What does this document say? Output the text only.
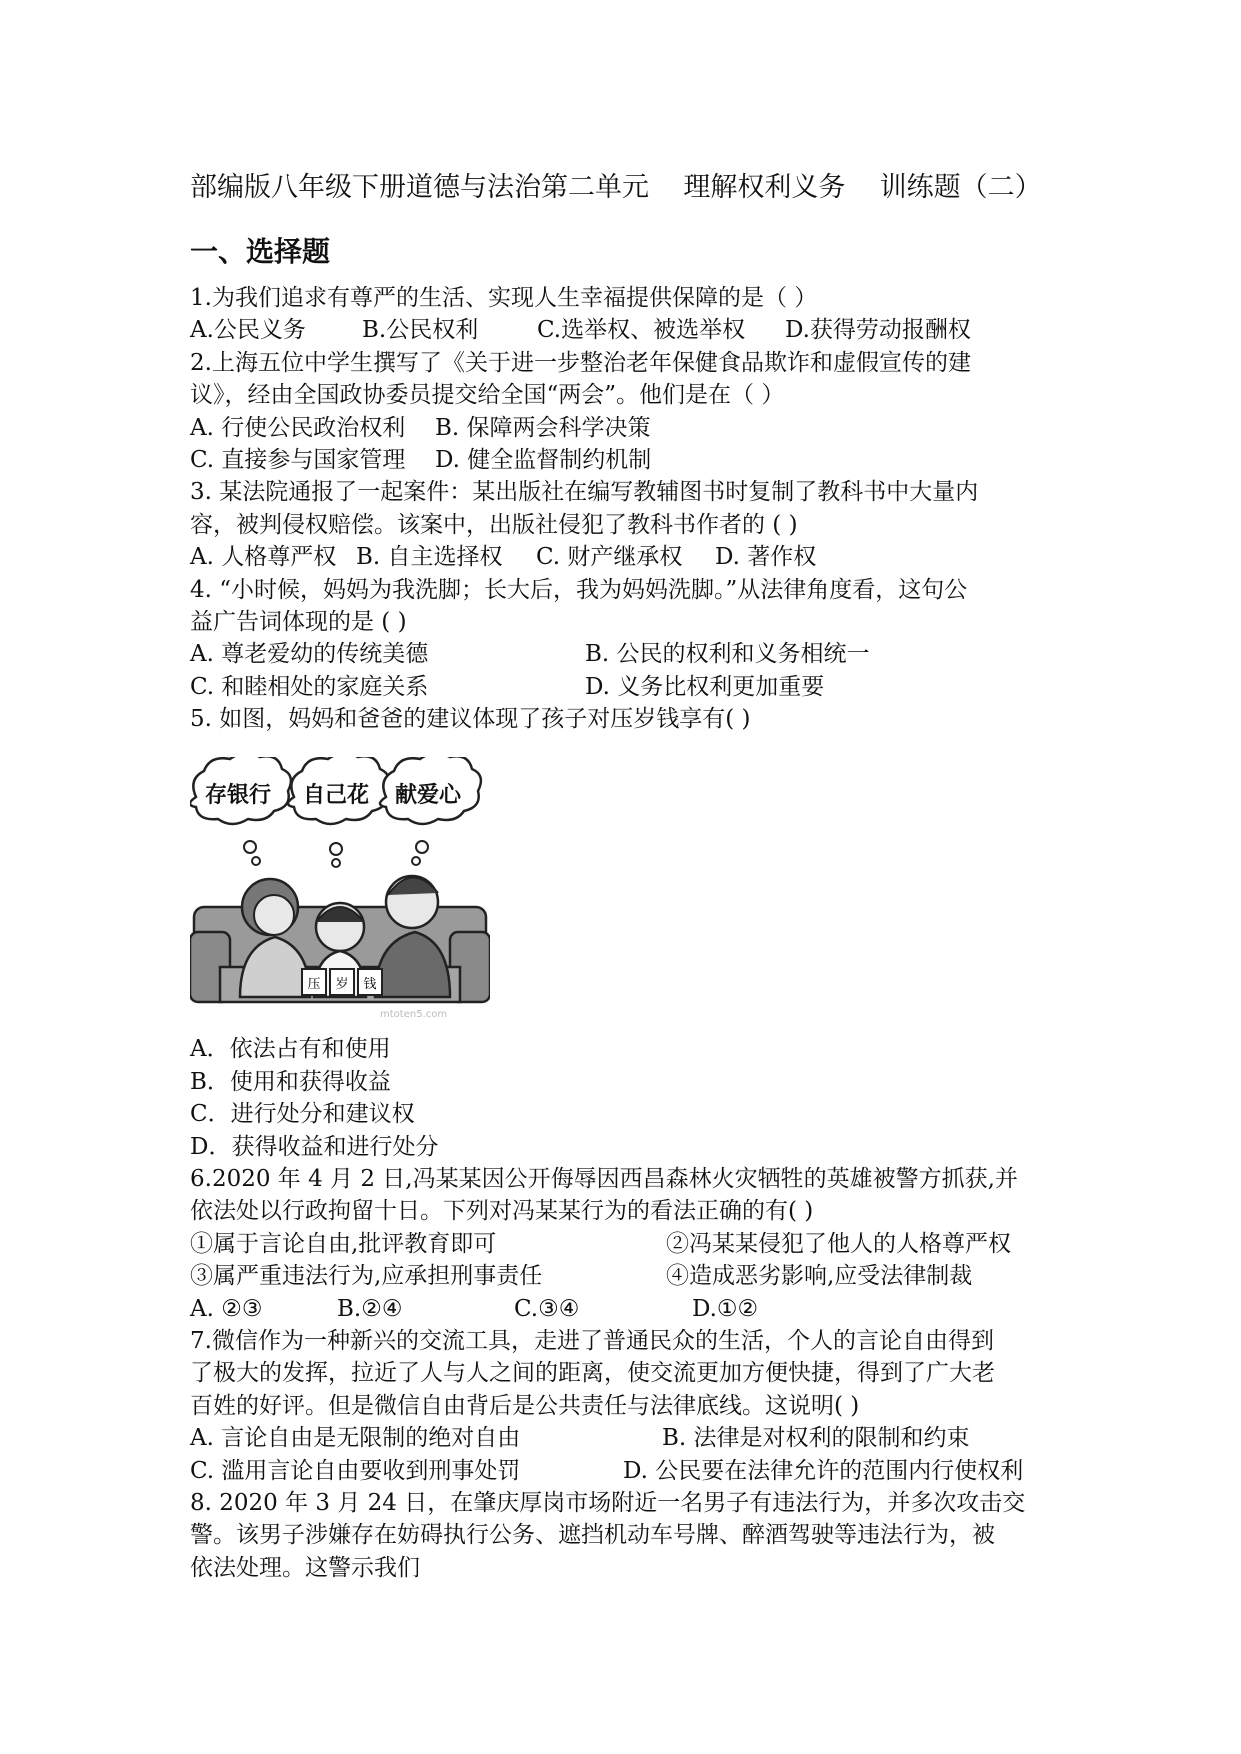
部编版八年级下册道德与法治第二单元    理解权利义务    训练题（二）
一、选择题
1.为我们追求有尊严的生活、实现人生幸福提供保障的是（ ）
A.公民义务 B.公民权利	C.选举权、被选举权 D.获得劳动报酬权
2.上海五位中学生撰写了《关于进一步整治老年保健食品欺诈和虚假宣传的建
议》，经由全国政协委员提交给全国“两会”。他们是在（ ）
A. 行使公民政治权利 B. 保障两会科学决策
C. 直接参与国家管理 D. 健全监督制约机制
3. 某法院通报了一起案件：某出版社在编写教辅图书时复制了教科书中大量内
容，被判侵权赔偿。该案中，出版社侵犯了教科书作者的 ( )
A. 人格尊严权 B. 自主选择权 C. 财产继承权 D. 著作权
4. “小时候，妈妈为我洗脚；长大后，我为妈妈洗脚。”从法律角度看，这句公
益广告词体现的是 ( )
A. 尊老爱幼的传统美德	B. 公民的权利和义务相统一
C. 和睦相处的家庭关系	D. 义务比权利更加重要
5. 如图，妈妈和爸爸的建议体现了孩子对压岁钱享有( )
存银行 自己花 献爱心
压 岁 钱
mtoten5.com
A．依法占有和使用
B．使用和获得收益
C．进行处分和建议权
D．获得收益和进行处分
6.2020 年 4 月 2 日,冯某某因公开侮辱因西昌森林火灾牺牲的英雄被警方抓获,并
依法处以行政拘留十日。下列对冯某某行为的看法正确的有( )
①属于言论自由,批评教育即可	②冯某某侵犯了他人的人格尊严权
③属严重违法行为,应承担刑事责任	④造成恶劣影响,应受法律制裁
A. ②③	B.②④	C.③④	D.①②
7.微信作为一种新兴的交流工具，走进了普通民众的生活，个人的言论自由得到
了极大的发挥，拉近了人与人之间的距离，使交流更加方便快捷，得到了广大老
百姓的好评。但是微信自由背后是公共责任与法律底线。这说明( )
A. 言论自由是无限制的绝对自由	B. 法律是对权利的限制和约束
C. 滥用言论自由要收到刑事处罚	D. 公民要在法律允许的范围内行使权利
8. 2020 年 3 月 24 日，在肇庆厚岗市场附近一名男子有违法行为，并多次攻击交
警。该男子涉嫌存在妨碍执行公务、遮挡机动车号牌、醉酒驾驶等违法行为，被
依法处理。这警示我们
